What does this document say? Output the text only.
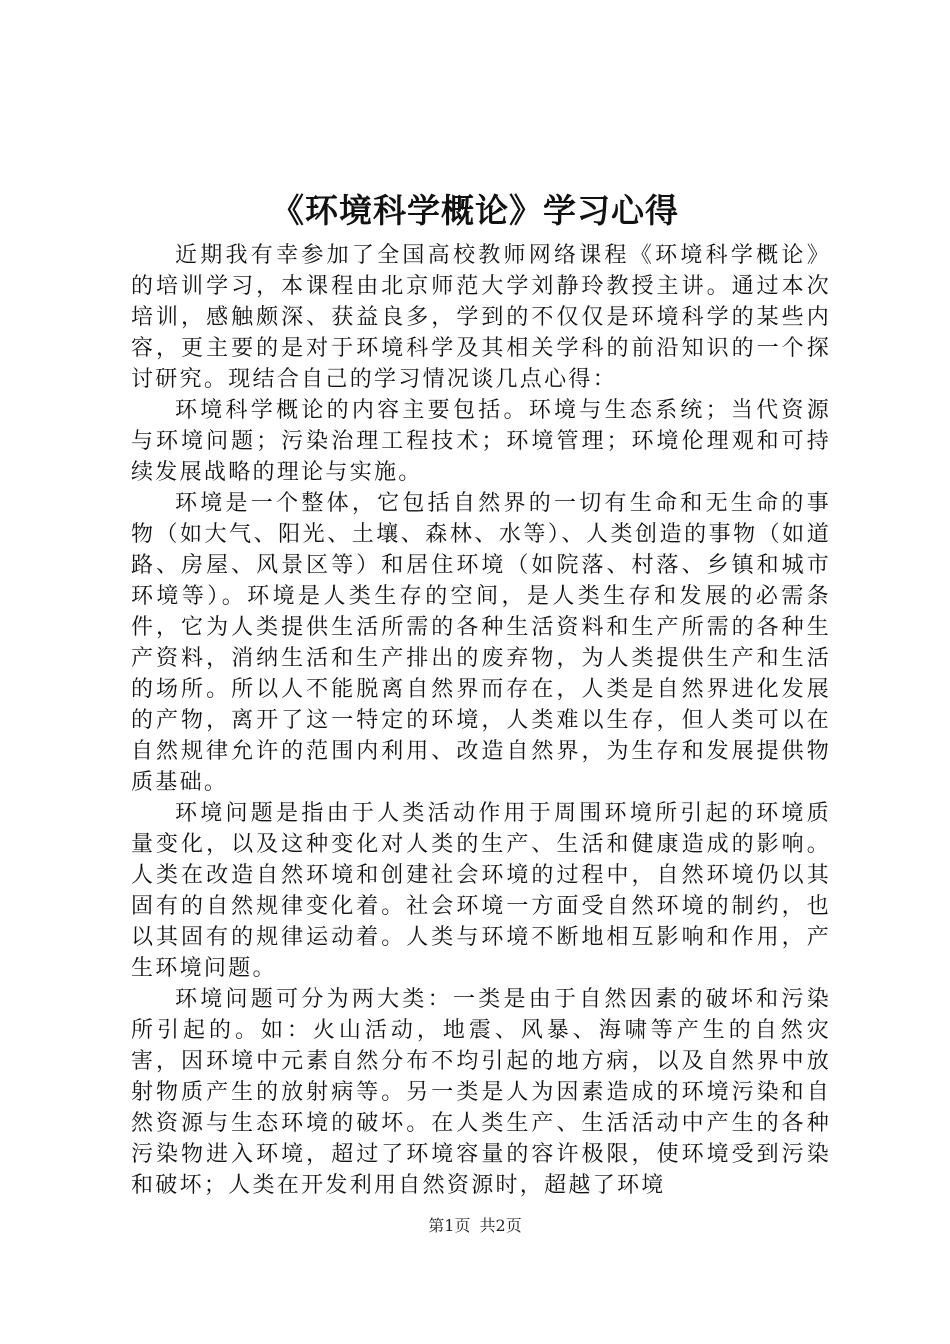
《环境科学概论》学习心得

近期我有幸参加了全国高校教师网络课程《环境科学概论》的培训学习，本课程由北京师范大学刘静玲教授主讲。通过本次培训，感触颇深、获益良多，学到的不仅仅是环境科学的某些内容，更主要的是对于环境科学及其相关学科的前沿知识的一个探讨研究。现结合自己的学习情况谈几点心得：

环境科学概论的内容主要包括。环境与生态系统；当代资源与环境问题；污染治理工程技术；环境管理；环境伦理观和可持续发展战略的理论与实施。

环境是一个整体，它包括自然界的一切有生命和无生命的事物（如大气、阳光、土壤、森林、水等）、人类创造的事物（如道路、房屋、风景区等）和居住环境（如院落、村落、乡镇和城市环境等）。环境是人类生存的空间，是人类生存和发展的必需条件，它为人类提供生活所需的各种生活资料和生产所需的各种生产资料，消纳生活和生产排出的废弃物，为人类提供生产和生活的场所。所以人不能脱离自然界而存在，人类是自然界进化发展的产物，离开了这一特定的环境，人类难以生存，但人类可以在自然规律允许的范围内利用、改造自然界，为生存和发展提供物质基础。

环境问题是指由于人类活动作用于周围环境所引起的环境质量变化，以及这种变化对人类的生产、生活和健康造成的影响。人类在改造自然环境和创建社会环境的过程中，自然环境仍以其固有的自然规律变化着。社会环境一方面受自然环境的制约，也以其固有的规律运动着。人类与环境不断地相互影响和作用，产生环境问题。

环境问题可分为两大类：一类是由于自然因素的破坏和污染所引起的。如：火山活动，地震、风暴、海啸等产生的自然灾害，因环境中元素自然分布不均引起的地方病，以及自然界中放射物质产生的放射病等。另一类是人为因素造成的环境污染和自然资源与生态环境的破坏。在人类生产、生活活动中产生的各种污染物进入环境，超过了环境容量的容许极限，使环境受到污染和破坏；人类在开发利用自然资源时，超越了环境

第1页 共2页
